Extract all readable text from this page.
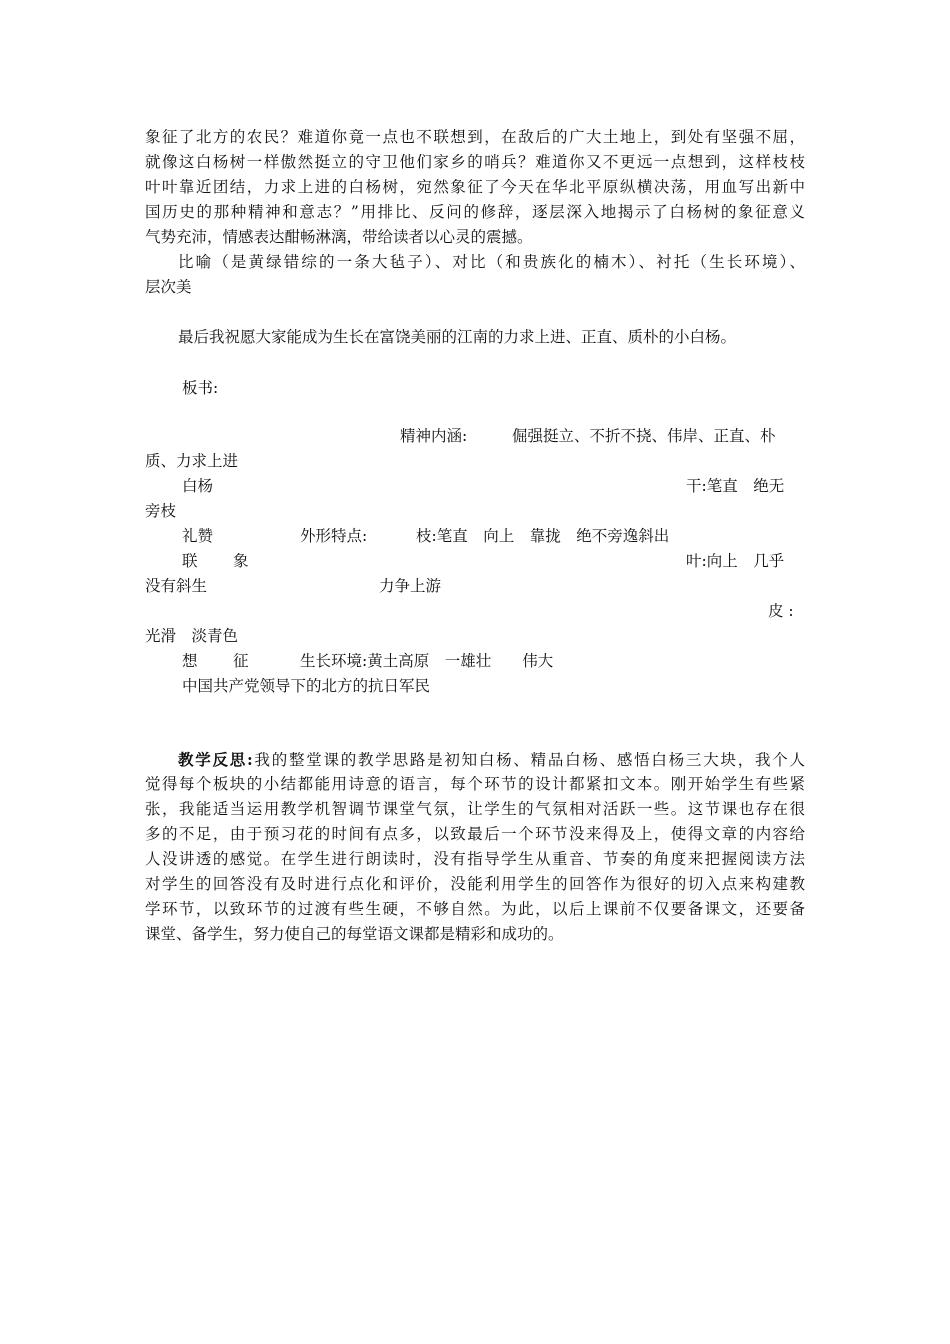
象征了北方的农民？难道你竟一点也不联想到，在敌后的广大土地上，到处有坚强不屈，
就像这白杨树一样傲然挺立的守卫他们家乡的哨兵？难道你又不更远一点想到，这样枝枝
叶叶靠近团结，力求上进的白杨树，宛然象征了今天在华北平原纵横决荡，用血写出新中
国历史的那种精神和意志？”用排比、反问的修辞，逐层深入地揭示了白杨树的象征意义
气势充沛，情感表达酣畅淋漓，带给读者以心灵的震撼。
比喻（是黄绿错综的一条大毡子）、对比（和贵族化的楠木）、衬托（生长环境）、
层次美
最后我祝愿大家能成为生长在富饶美丽的江南的力求上进、正直、质朴的小白杨。
板书:
精神内涵:	倔强挺立、不折不挠、伟岸、正直、朴
质、力求上进
白杨	干:笔直　绝无
旁枝
礼赞	外形特点:	枝:笔直　向上　靠拢　绝不旁逸斜出
联 象	叶:向上　几乎
没有斜生	力争上游
皮 :
光滑　淡青色
想 征	生长环境:黄土高原　一雄壮　　伟大
中国共产党领导下的北方的抗日军民
教学反思:我的整堂课的教学思路是初知白杨、精品白杨、感悟白杨三大块，我个人
觉得每个板块的小结都能用诗意的语言，每个环节的设计都紧扣文本。刚开始学生有些紧
张，我能适当运用教学机智调节课堂气氛，让学生的气氛相对活跃一些。这节课也存在很
多的不足，由于预习花的时间有点多，以致最后一个环节没来得及上，使得文章的内容给
人没讲透的感觉。在学生进行朗读时，没有指导学生从重音、节奏的角度来把握阅读方法
对学生的回答没有及时进行点化和评价，没能利用学生的回答作为很好的切入点来构建教
学环节，以致环节的过渡有些生硬，不够自然。为此，以后上课前不仅要备课文，还要备
课堂、备学生，努力使自己的每堂语文课都是精彩和成功的。
